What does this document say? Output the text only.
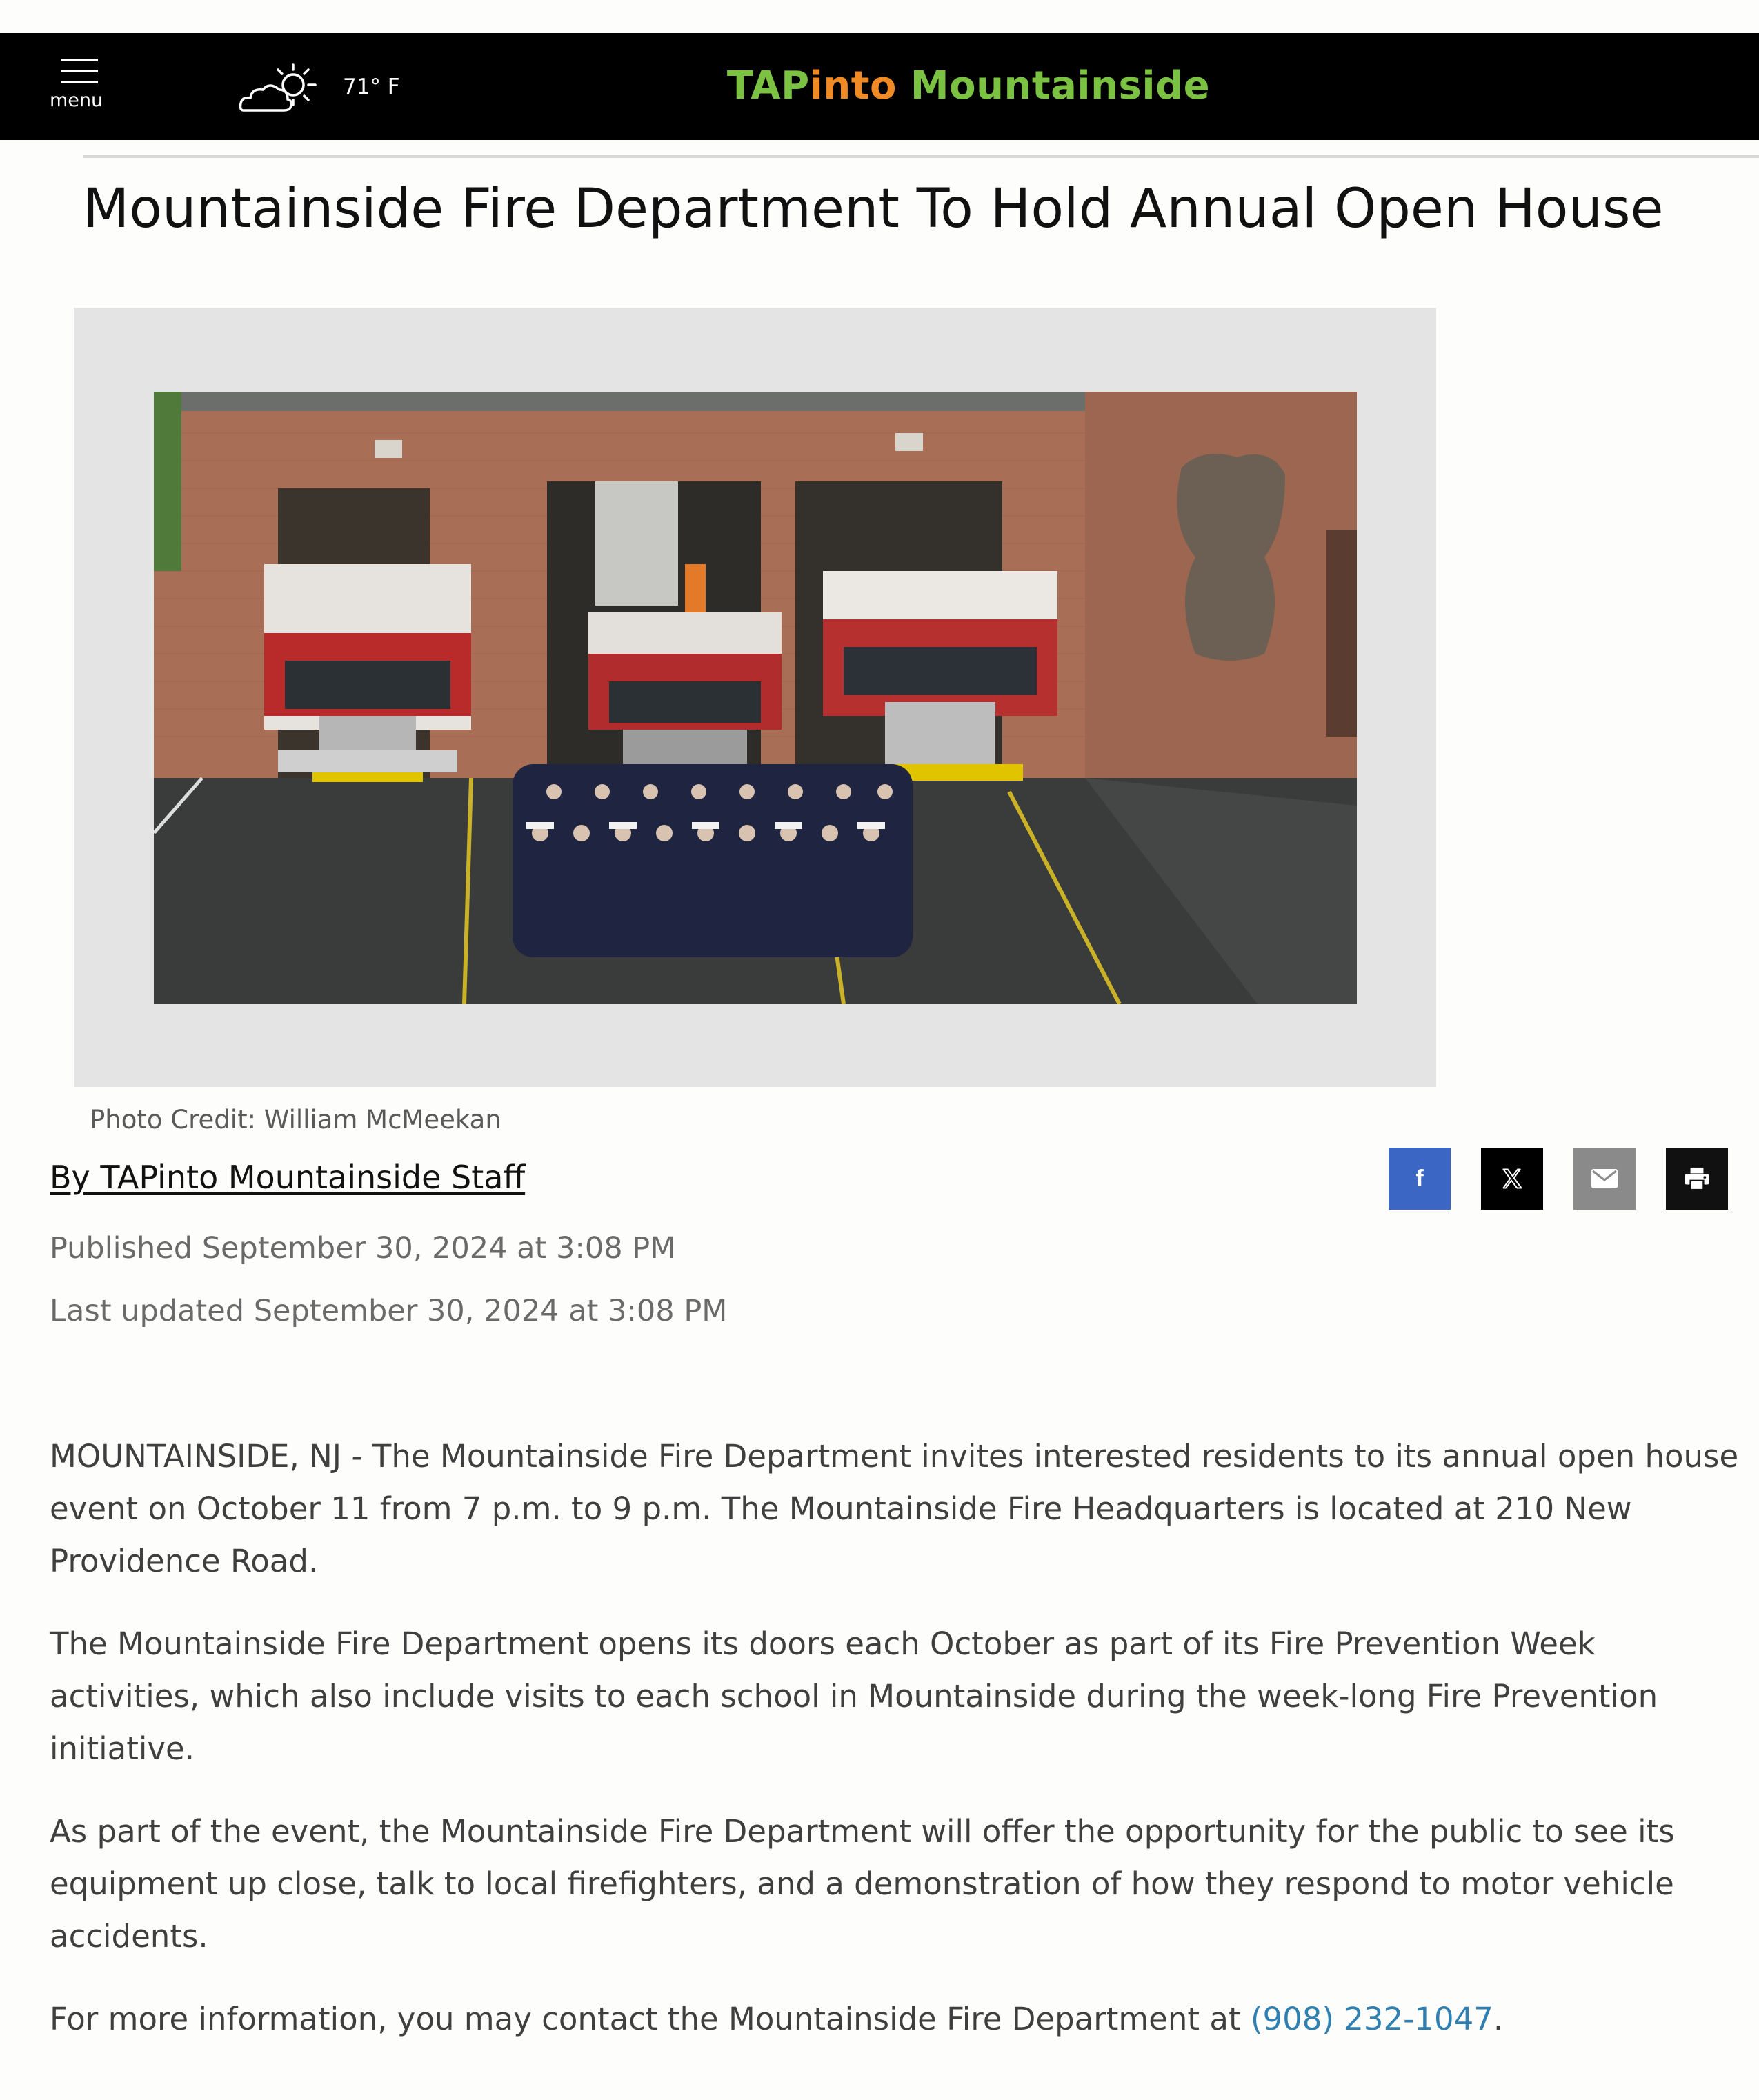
menu
71° F	TAPinto Mountainside
Mountainside Fire Department To Hold Annual Open House
Photo Credit: William McMeekan
By TAPinto Mountainside Staff	f
Published September 30, 2024 at 3:08 PM
Last updated September 30, 2024 at 3:08 PM

MOUNTAINSIDE, NJ - The Mountainside Fire Department invites interested residents to its annual open house event on October 11 from 7 p.m. to 9 p.m. The Mountainside Fire Headquarters is located at 210 New Providence Road.

The Mountainside Fire Department opens its doors each October as part of its Fire Prevention Week activities, which also include visits to each school in Mountainside during the week-long Fire Prevention initiative.

As part of the event, the Mountainside Fire Department will offer the opportunity for the public to see its equipment up close, talk to local firefighters, and a demonstration of how they respond to motor vehicle accidents.

For more information, you may contact the Mountainside Fire Department at (908) 232-1047.
